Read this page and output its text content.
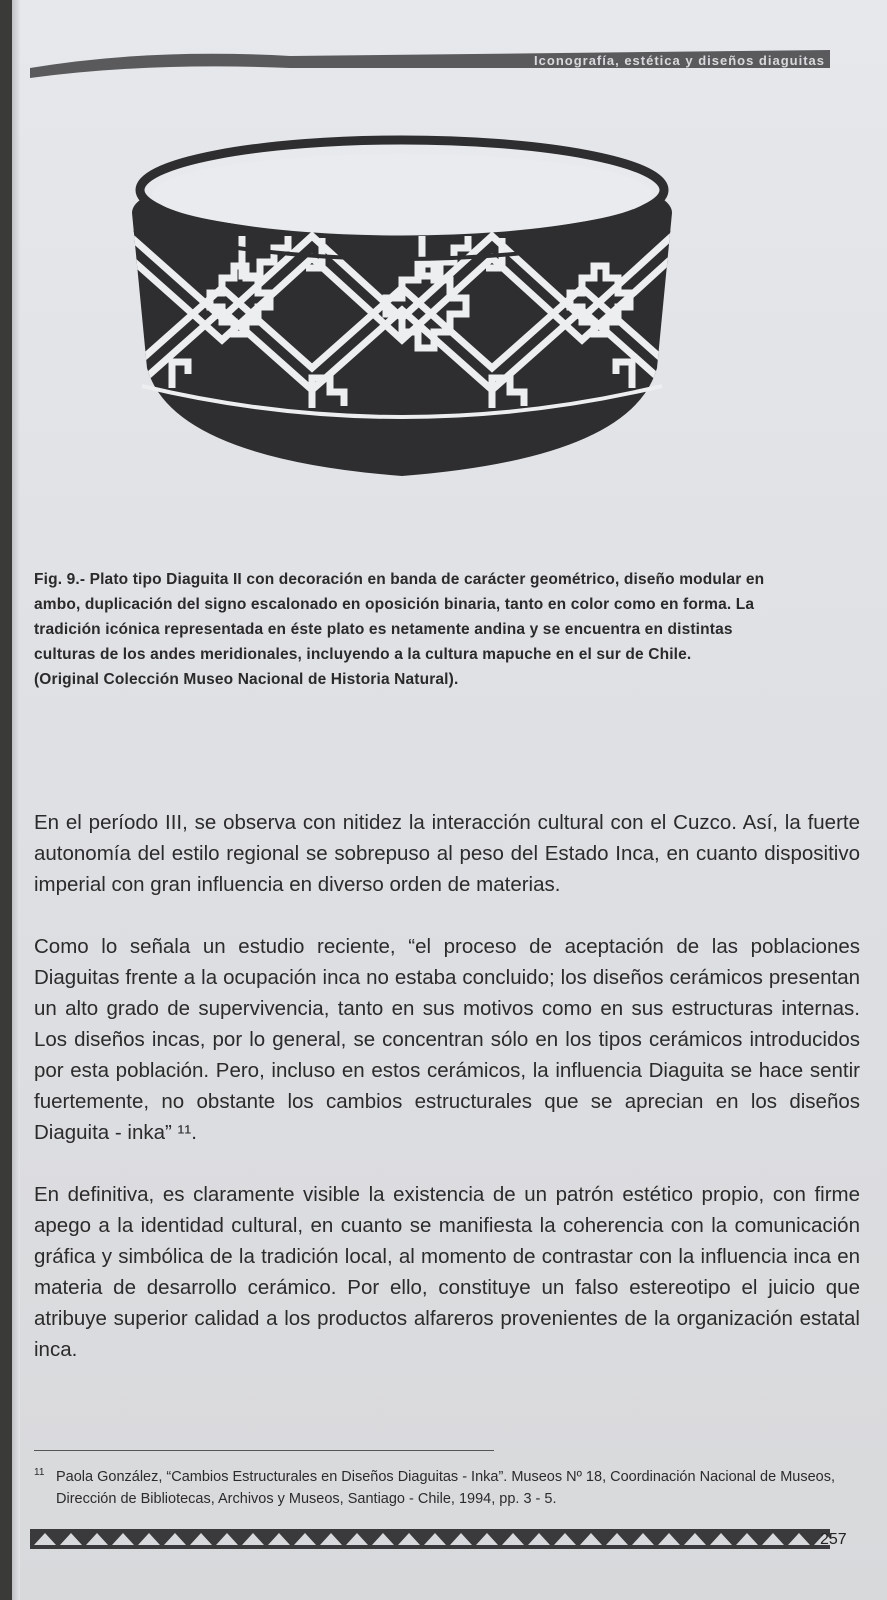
Iconografía, estética y diseños diaguitas

Fig. 9.- Plato tipo Diaguita II con decoración en banda de carácter geométrico, diseño modular en

ambo, duplicación del signo escalonado en oposición binaria, tanto en color como en forma. La

tradición icónica representada en éste plato es netamente andina y se encuentra en distintas

culturas de los andes meridionales, incluyendo a la cultura mapuche en el sur de Chile.

(Original Colección Museo Nacional de Historia Natural).

En el período III, se observa con nitidez la interacción cultural con el Cuzco. Así, la fuerte autonomía del estilo regional se sobrepuso al peso del Estado Inca, en cuanto dispositivo imperial con gran influencia en diverso orden de materias.

Como lo señala un estudio reciente, “el proceso de aceptación de las poblaciones Diaguitas frente a la ocupación inca no estaba concluido; los diseños cerámicos presentan un alto grado de supervivencia, tanto en sus motivos como en sus estructuras internas. Los diseños incas, por lo general, se concentran sólo en los tipos cerámicos introducidos por esta población. Pero, incluso en estos cerámicos, la influencia Diaguita se hace sentir fuertemente, no obstante los cambios estructurales que se aprecian en los diseños Diaguita - inka” ¹¹.

En definitiva, es claramente visible la existencia de un patrón estético propio, con firme apego a la identidad cultural, en cuanto se manifiesta la coherencia con la comunicación gráfica y simbólica de la tradición local, al momento de contrastar con la influencia inca en materia de desarrollo cerámico. Por ello, constituye un falso estereotipo el juicio que atribuye superior calidad a los productos alfareros provenientes de la organización estatal inca.

11 Paola González, “Cambios Estructurales en Diseños Diaguitas - Inka”. Museos Nº 18, Coordinación Nacional de Museos, Dirección de Bibliotecas, Archivos y Museos, Santiago - Chile, 1994, pp. 3 - 5.
257
